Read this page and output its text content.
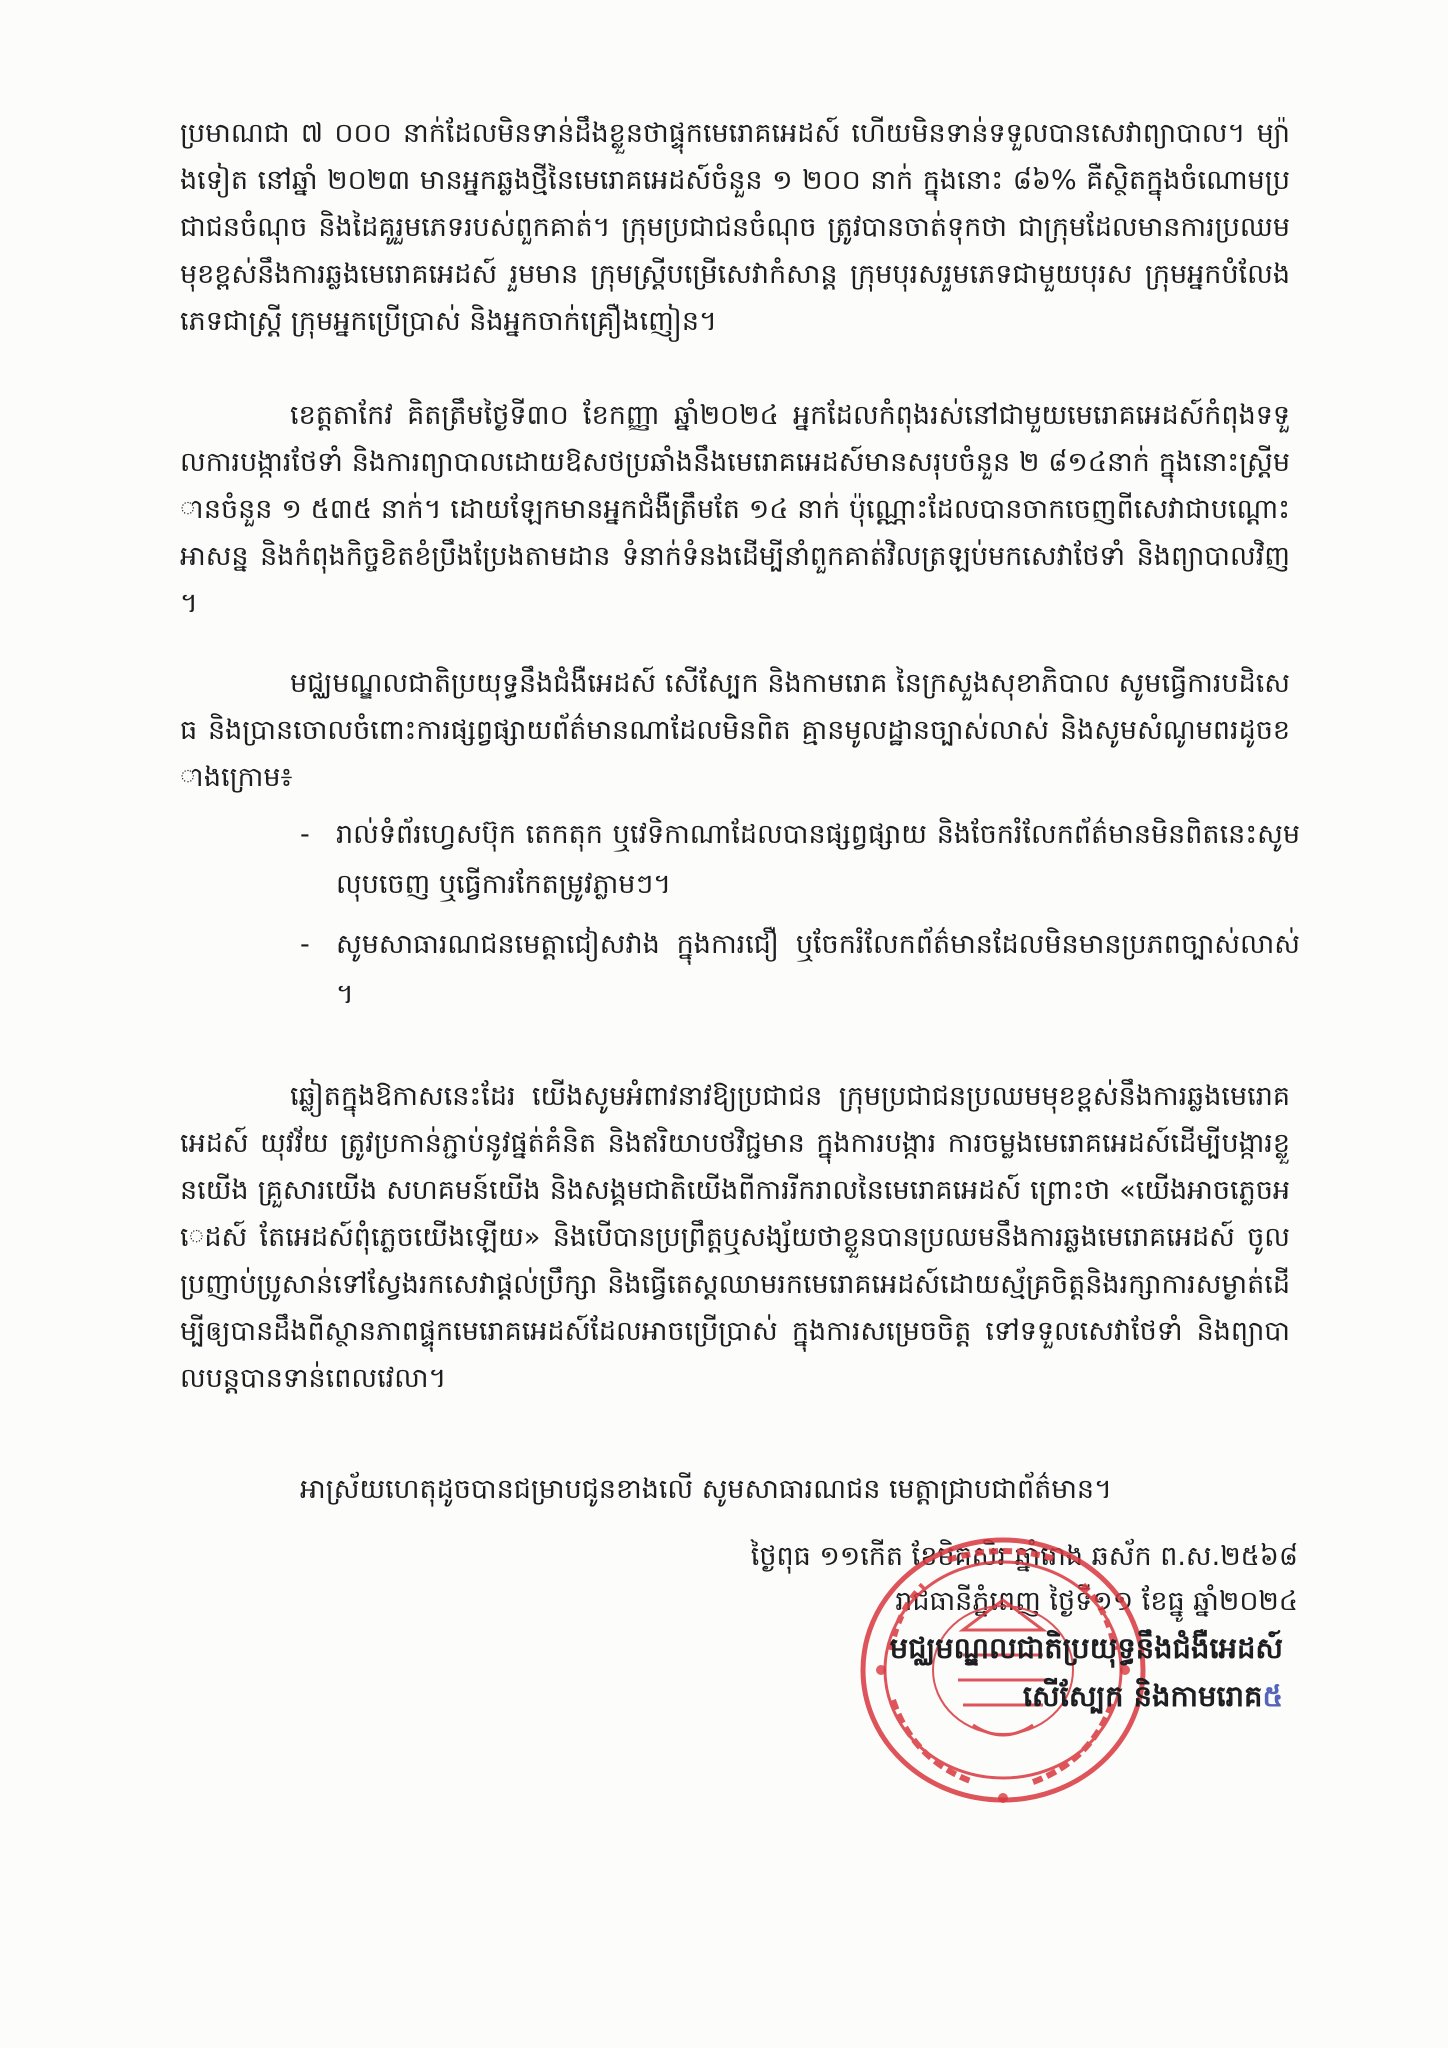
ប្រមាណជា ៧ ០០០ នាក់ដែលមិនទាន់ដឹងខ្លួនថាផ្ទុកមេរោគអេដស៍ ហើយមិនទាន់ទទួលបានសេវាព្យាបាល។ ម្យ៉ាងទៀត នៅឆ្នាំ ២០២៣ មានអ្នកឆ្លងថ្មីនៃមេរោគអេដស៍ចំនួន ១ ២០០ នាក់ ក្នុងនោះ ៨៦% គឺស្ថិតក្នុងចំណោមប្រជាជនចំណុច និងដៃគូរួមភេទរបស់ពួកគាត់។ ក្រុមប្រជាជនចំណុច ត្រូវបានចាត់ទុកថា ជាក្រុមដែលមានការប្រឈមមុខខ្ពស់នឹងការឆ្លងមេរោគអេដស៍ រួមមាន ក្រុមស្ត្រីបម្រើសេវាកំសាន្ត ក្រុមបុរសរួមភេទជាមួយបុរស ក្រុមអ្នកបំលែងភេទជាស្ត្រី ក្រុមអ្នកប្រើប្រាស់ និងអ្នកចាក់គ្រឿងញៀន។
ខេត្តតាកែវ គិតត្រឹមថ្ងៃទី៣០ ខែកញ្ញា ឆ្នាំ២០២៤ អ្នកដែលកំពុងរស់នៅជាមួយមេរោគអេដស៍កំពុងទទួលការបង្ការថែទាំ និងការព្យាបាលដោយឱសថប្រឆាំងនឹងមេរោគអេដស៍មានសរុបចំនួន ២ ៨១៤នាក់ ក្នុងនោះស្ត្រីមានចំនួន ១ ៥៣៥ នាក់។ ដោយឡែកមានអ្នកជំងឺត្រឹមតែ ១៤ នាក់ ប៉ុណ្ណោះដែលបានចាកចេញពីសេវាជាបណ្តោះអាសន្ន និងកំពុងកិច្ចខិតខំប្រឹងប្រែងតាមដាន ទំនាក់ទំនងដើម្បីនាំពួកគាត់វិលត្រឡប់មកសេវាថែទាំ និងព្យាបាលវិញ។
មជ្ឈមណ្ឌលជាតិប្រយុទ្ធនឹងជំងឺអេដស៍ សើស្បែក និងកាមរោគ នៃក្រសួងសុខាភិបាល សូមធ្វើការបដិសេធ និងប្រានចោលចំពោះការផ្សព្វផ្សាយព័ត៌មានណាដែលមិនពិត គ្មានមូលដ្ឋានច្បាស់លាស់ និងសូមសំណូមពរដូចខាងក្រោម៖
- រាល់ទំព័រហ្វេសប៊ុក តេកតុក ឬវេទិកាណាដែលបានផ្សព្វផ្សាយ និងចែករំលែកព័ត៌មានមិនពិតនេះសូមលុបចេញ ឬធ្វើការកែតម្រូវភ្លាមៗ។
- សូមសាធារណជនមេត្តាជៀសវាង ក្នុងការជឿ ឬចែករំលែកព័ត៌មានដែលមិនមានប្រភពច្បាស់លាស់។
ឆ្លៀតក្នុងឱកាសនេះដែរ យើងសូមអំពាវនាវឱ្យប្រជាជន ក្រុមប្រជាជនប្រឈមមុខខ្ពស់នឹងការឆ្លងមេរោគអេដស៍ យុវវ័យ ត្រូវប្រកាន់ភ្ជាប់នូវផ្នត់គំនិត និងឥរិយាបថវិជ្ជមាន ក្នុងការបង្ការ ការចម្លងមេរោគអេដស៍ដើម្បីបង្ការខ្លួនយើង គ្រួសារយើង សហគមន៍យើង និងសង្គមជាតិយើងពីការរីករាលនៃមេរោគអេដស៍ ព្រោះថា «យើងអាចភ្លេចអេដស៍ តែអេដស៍ពុំភ្លេចយើងឡើយ» និងបើបានប្រព្រឹត្តឬសង្ស័យថាខ្លួនបានប្រឈមនឹងការឆ្លងមេរោគអេដស៍ ចូលប្រញាប់ប្រូសាន់ទៅស្វែងរកសេវាផ្តល់ប្រឹក្សា និងធ្វើតេស្តឈាមរកមេរោគអេដស៍ដោយស្ម័គ្រចិត្តនិងរក្សាការសម្ងាត់ដើម្បីឲ្យបានដឹងពីស្ថានភាពផ្ទុកមេរោគអេដស៍ដែលអាចប្រើប្រាស់ ក្នុងការសម្រេចចិត្ត ទៅទទួលសេវាថែទាំ និងព្យាបាលបន្តបានទាន់ពេលវេលា។
អាស្រ័យហេតុដូចបានជម្រាបជូនខាងលើ សូមសាធារណជន មេត្តាជ្រាបជាព័ត៌មាន។
ថ្ងៃពុធ ១១កើត ខែមិគសិរ ឆ្នាំរោង ឆស័ក ព.ស.២៥៦៨
រាជធានីភ្នំពេញ ថ្ងៃទី១១ ខែធ្នូ ឆ្នាំ២០២៤
មជ្ឈមណ្ឌលជាតិប្រយុទ្ធនឹងជំងឺអេដស៍
សើស្បែក និងកាមរោគ៥
